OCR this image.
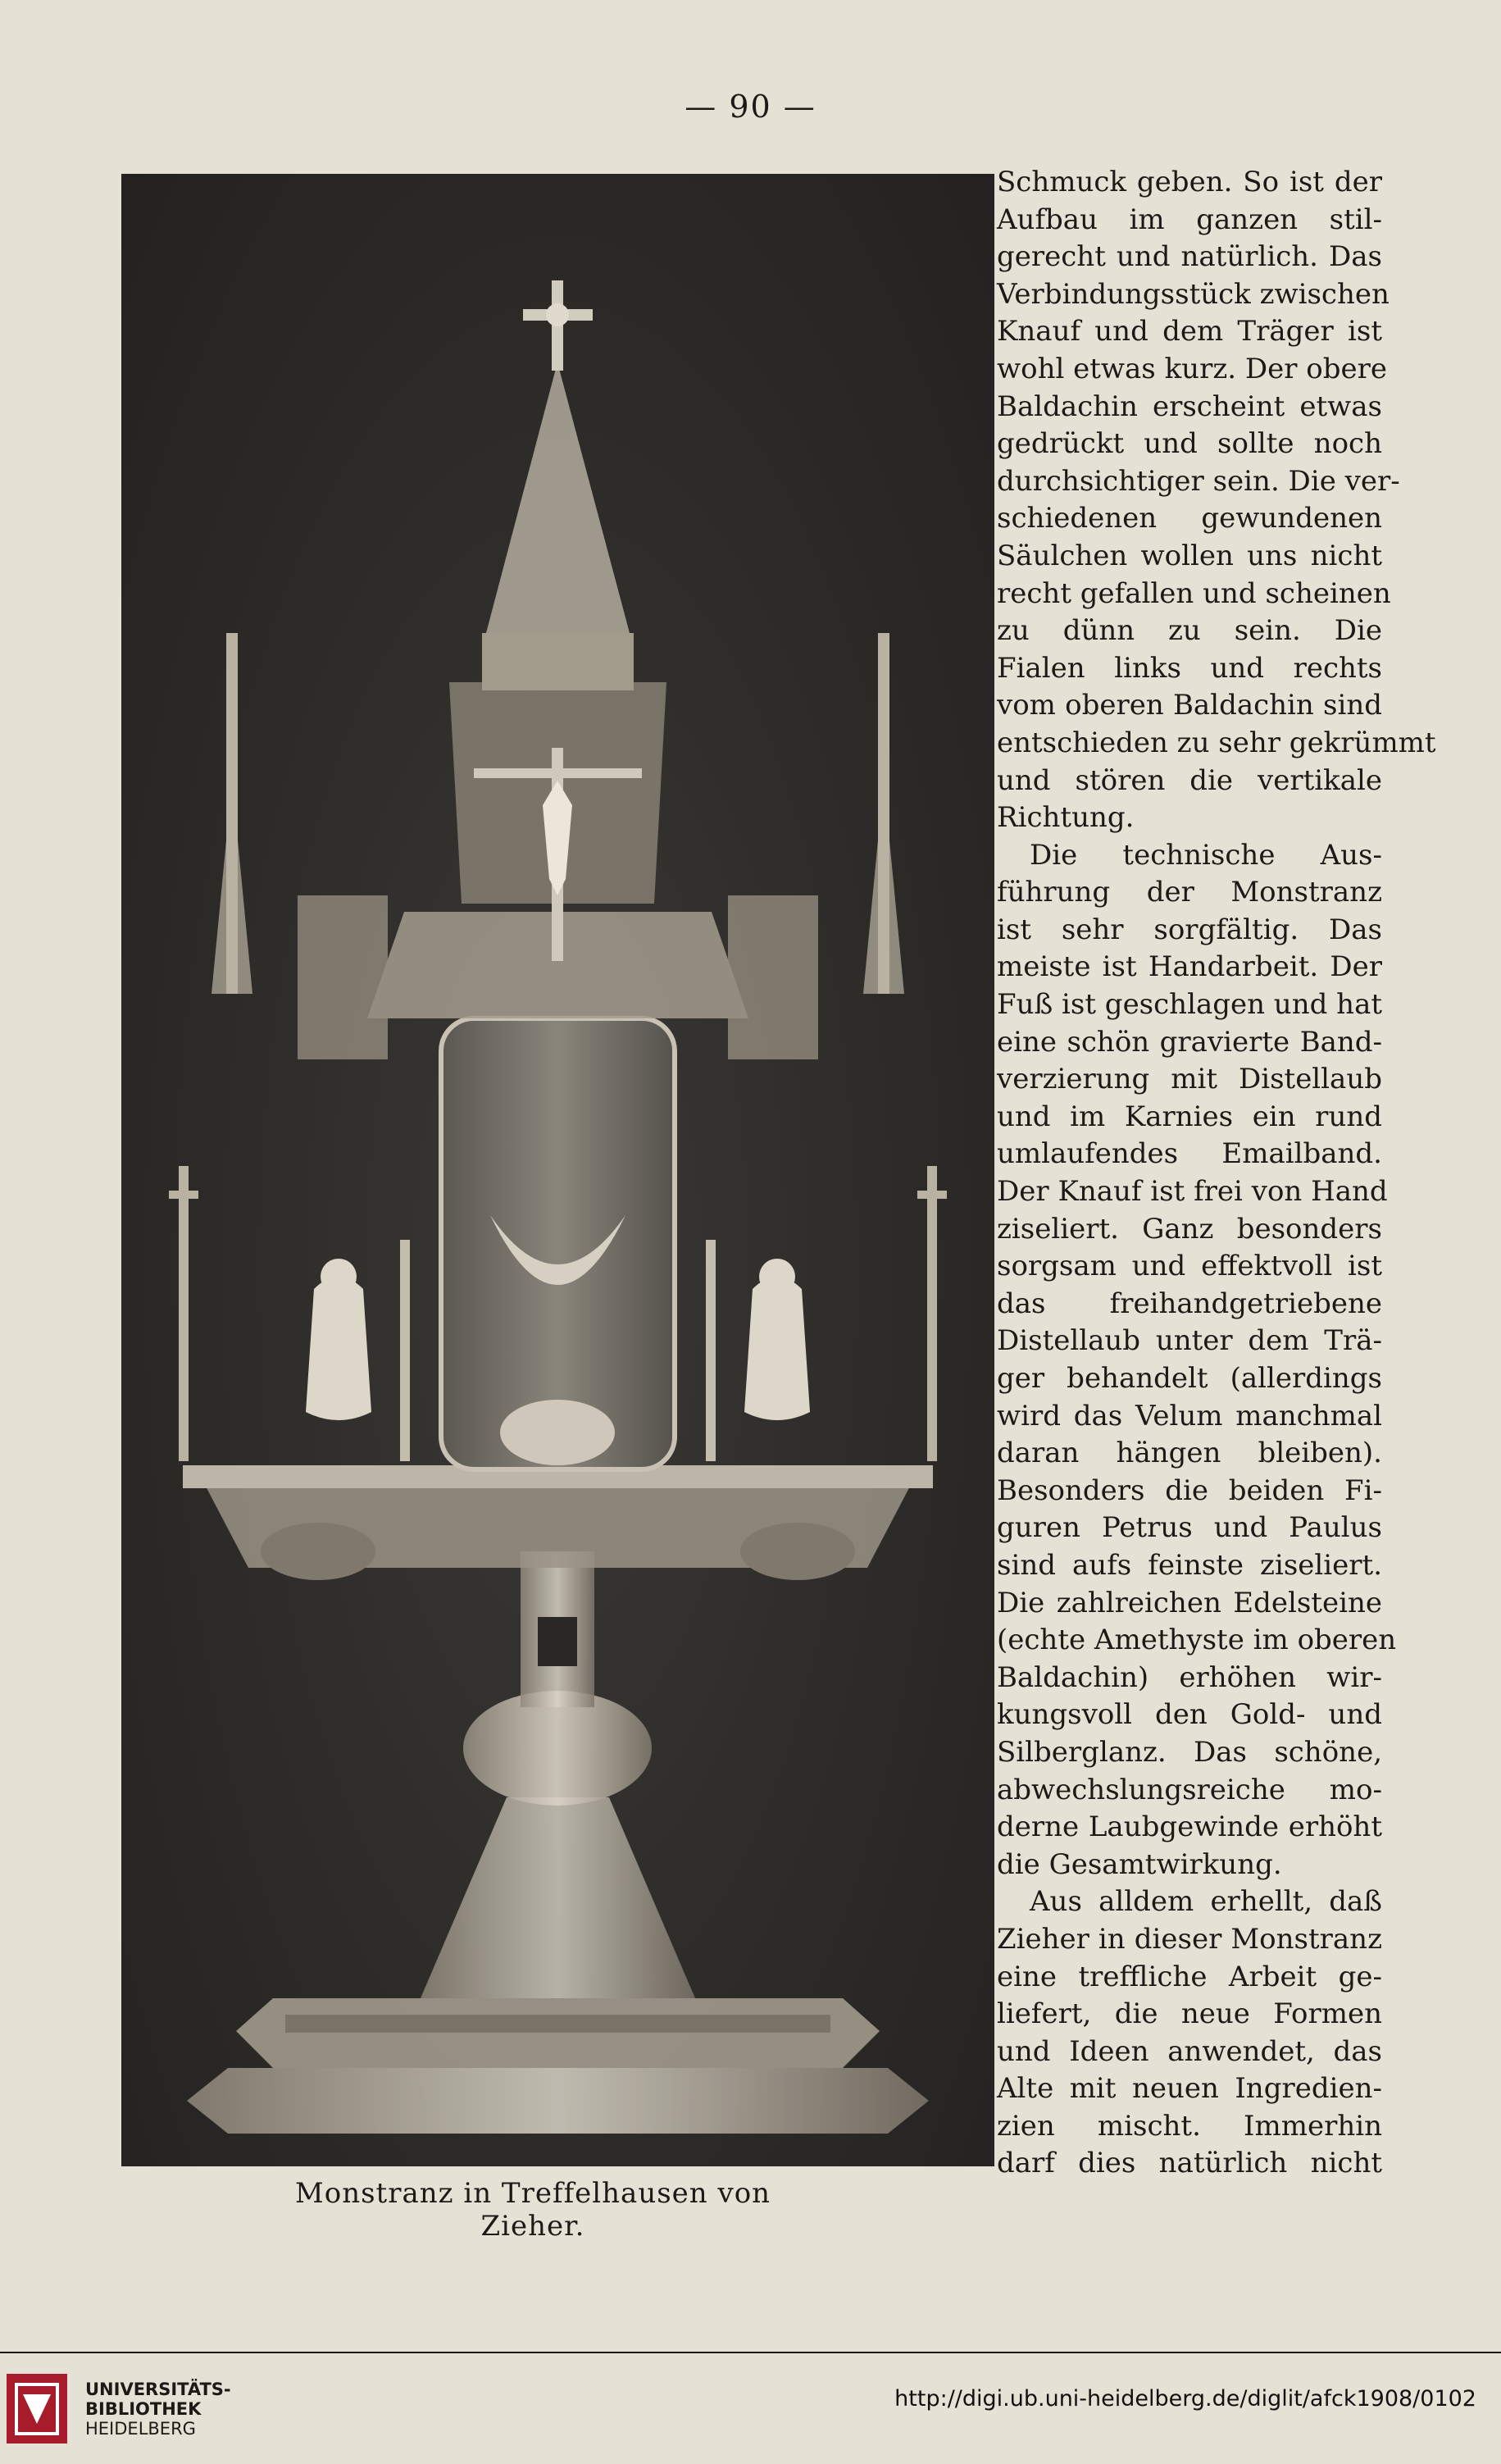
— 90 —
Monstranz in Treffelhausen von Zieher.
Schmuck geben. So ist der
Aufbau im ganzen stil-
gerecht und natürlich. Das
Verbindungsstück zwischen
Knauf und dem Träger ist
wohl etwas kurz. Der obere
Baldachin erscheint etwas
gedrückt und sollte noch
durchsichtiger sein. Die ver-
schiedenen gewundenen
Säulchen wollen uns nicht
recht gefallen und scheinen
zu dünn zu sein. Die
Fialen links und rechts
vom oberen Baldachin sind
entschieden zu sehr gekrümmt
und stören die vertikale
Richtung.
Die technische Aus-
führung der Monstranz
ist sehr sorgfältig. Das
meiste ist Handarbeit. Der
Fuß ist geschlagen und hat
eine schön gravierte Band-
verzierung mit Distellaub
und im Karnies ein rund
umlaufendes Emailband.
Der Knauf ist frei von Hand
ziseliert. Ganz besonders
sorgsam und effektvoll ist
das freihandgetriebene
Distellaub unter dem Trä-
ger behandelt (allerdings
wird das Velum manchmal
daran hängen bleiben).
Besonders die beiden Fi-
guren Petrus und Paulus
sind aufs feinste ziseliert.
Die zahlreichen Edelsteine
(echte Amethyste im oberen
Baldachin) erhöhen wir-
kungsvoll den Gold- und
Silberglanz. Das schöne,
abwechslungsreiche mo-
derne Laubgewinde erhöht
die Gesamtwirkung.
Aus alldem erhellt, daß
Zieher in dieser Monstranz
eine treffliche Arbeit ge-
liefert, die neue Formen
und Ideen anwendet, das
Alte mit neuen Ingredien-
zien mischt. Immerhin
darf dies natürlich nicht
UNIVERSITÄTS-
BIBLIOTHEK
HEIDELBERG
http://digi.ub.uni-heidelberg.de/diglit/afck1908/0102
